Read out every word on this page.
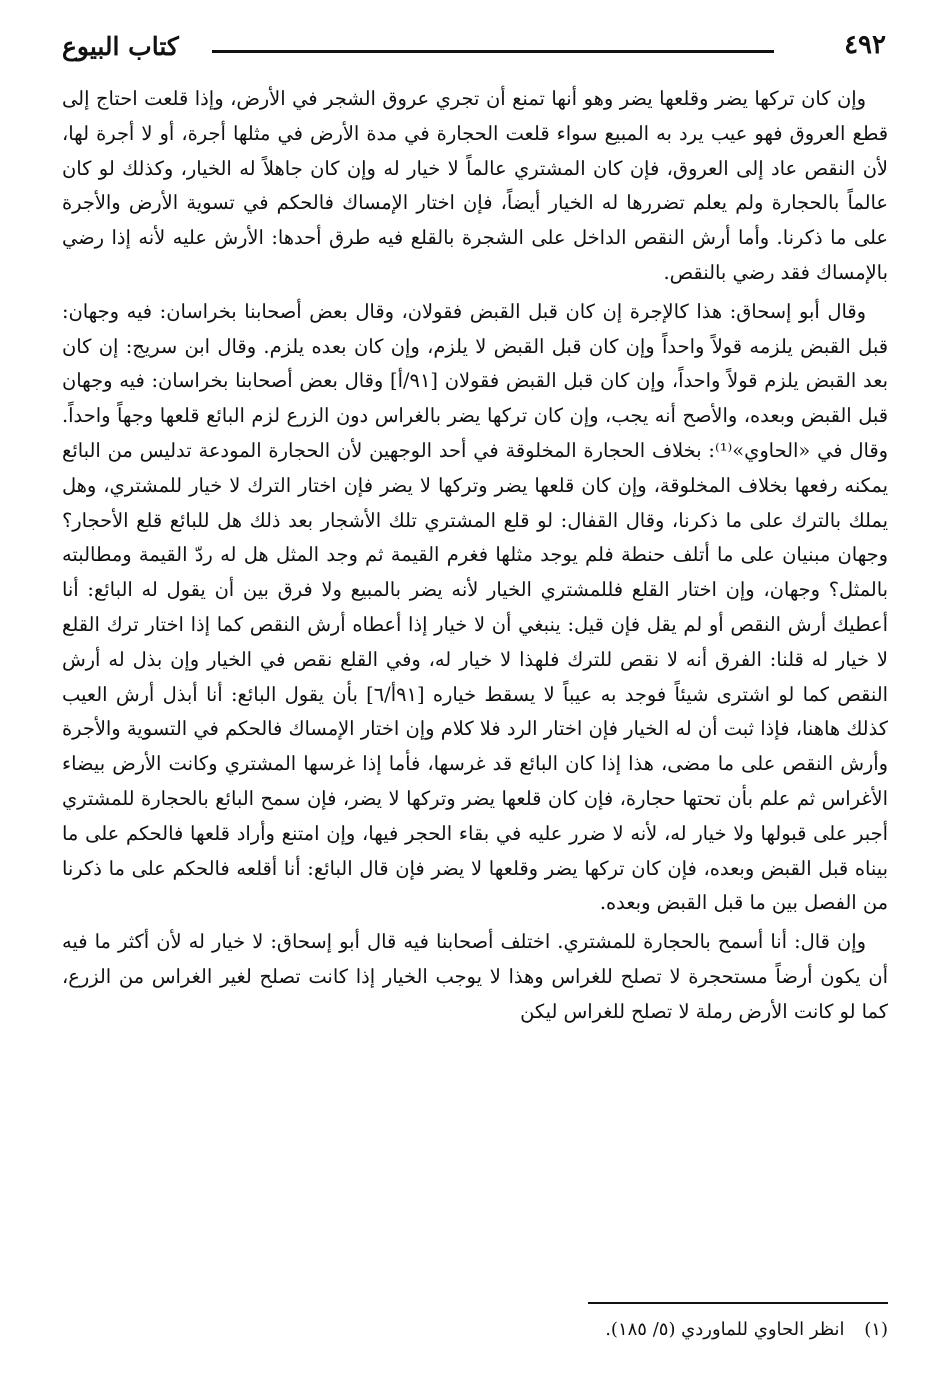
كتاب البيوع	٤٩٢

وإن كان تركها يضر وقلعها يضر وهو أنها تمنع أن تجري عروق الشجر في الأرض، وإذا قلعت احتاج إلى قطع العروق فهو عيب يرد به المبيع سواء قلعت الحجارة في مدة الأرض في مثلها أجرة، أو لا أجرة لها، لأن النقص عاد إلى العروق، فإن كان المشتري عالماً لا خيار له وإن كان جاهلاً له الخيار، وكذلك لو كان عالماً بالحجارة ولم يعلم تضررها له الخيار أيضاً، فإن اختار الإمساك فالحكم في تسوية الأرض والأجرة على ما ذكرنا. وأما أرش النقص الداخل على الشجرة بالقلع فيه طرق أحدها: الأرش عليه لأنه إذا رضي بالإمساك فقد رضي بالنقص.

وقال أبو إسحاق: هذا كالإجرة إن كان قبل القبض فقولان، وقال بعض أصحابنا بخراسان: فيه وجهان: قبل القبض يلزمه قولاً واحداً وإن كان قبل القبض لا يلزم، وإن كان بعده يلزم. وقال ابن سريج: إن كان بعد القبض يلزم قولاً واحداً، وإن كان قبل القبض فقولان [٩١/أ] وقال بعض أصحابنا بخراسان: فيه وجهان قبل القبض وبعده، والأصح أنه يجب، وإن كان تركها يضر بالغراس دون الزرع لزم البائع قلعها وجهاً واحداً. وقال في «الحاوي»⁽¹⁾: بخلاف الحجارة المخلوقة في أحد الوجهين لأن الحجارة المودعة تدليس من البائع يمكنه رفعها بخلاف المخلوقة، وإن كان قلعها يضر وتركها لا يضر فإن اختار الترك لا خيار للمشتري، وهل يملك بالترك على ما ذكرنا، وقال القفال: لو قلع المشتري تلك الأشجار بعد ذلك هل للبائع قلع الأحجار؟ وجهان مبنيان على ما أتلف حنطة فلم يوجد مثلها فغرم القيمة ثم وجد المثل هل له ردّ القيمة ومطالبته بالمثل؟ وجهان، وإن اختار القلع فللمشتري الخيار لأنه يضر بالمبيع ولا فرق بين أن يقول له البائع: أنا أعطيك أرش النقص أو لم يقل فإن قيل: ينبغي أن لا خيار إذا أعطاه أرش النقص كما إذا اختار ترك القلع لا خيار له قلنا: الفرق أنه لا نقص للترك فلهذا لا خيار له، وفي القلع نقص في الخيار وإن بذل له أرش النقص كما لو اشترى شيئاً فوجد به عيباً لا يسقط خياره [٩١أ/٦] بأن يقول البائع: أنا أبذل أرش العيب كذلك هاهنا، فإذا ثبت أن له الخيار فإن اختار الرد فلا كلام وإن اختار الإمساك فالحكم في التسوية والأجرة وأرش النقص على ما مضى، هذا إذا كان البائع قد غرسها، فأما إذا غرسها المشتري وكانت الأرض بيضاء الأغراس ثم علم بأن تحتها حجارة، فإن كان قلعها يضر وتركها لا يضر، فإن سمح البائع بالحجارة للمشتري أجبر على قبولها ولا خيار له، لأنه لا ضرر عليه في بقاء الحجر فيها، وإن امتنع وأراد قلعها فالحكم على ما بيناه قبل القبض وبعده، فإن كان تركها يضر وقلعها لا يضر فإن قال البائع: أنا أقلعه فالحكم على ما ذكرنا من الفصل بين ما قبل القبض وبعده.

وإن قال: أنا أسمح بالحجارة للمشتري. اختلف أصحابنا فيه قال أبو إسحاق: لا خيار له لأن أكثر ما فيه أن يكون أرضاً مستحجرة لا تصلح للغراس وهذا لا يوجب الخيار إذا كانت تصلح لغير الغراس من الزرع، كما لو كانت الأرض رملة لا تصلح للغراس ليكن

(١) انظر الحاوي للماوردي (٥/ ١٨٥).
